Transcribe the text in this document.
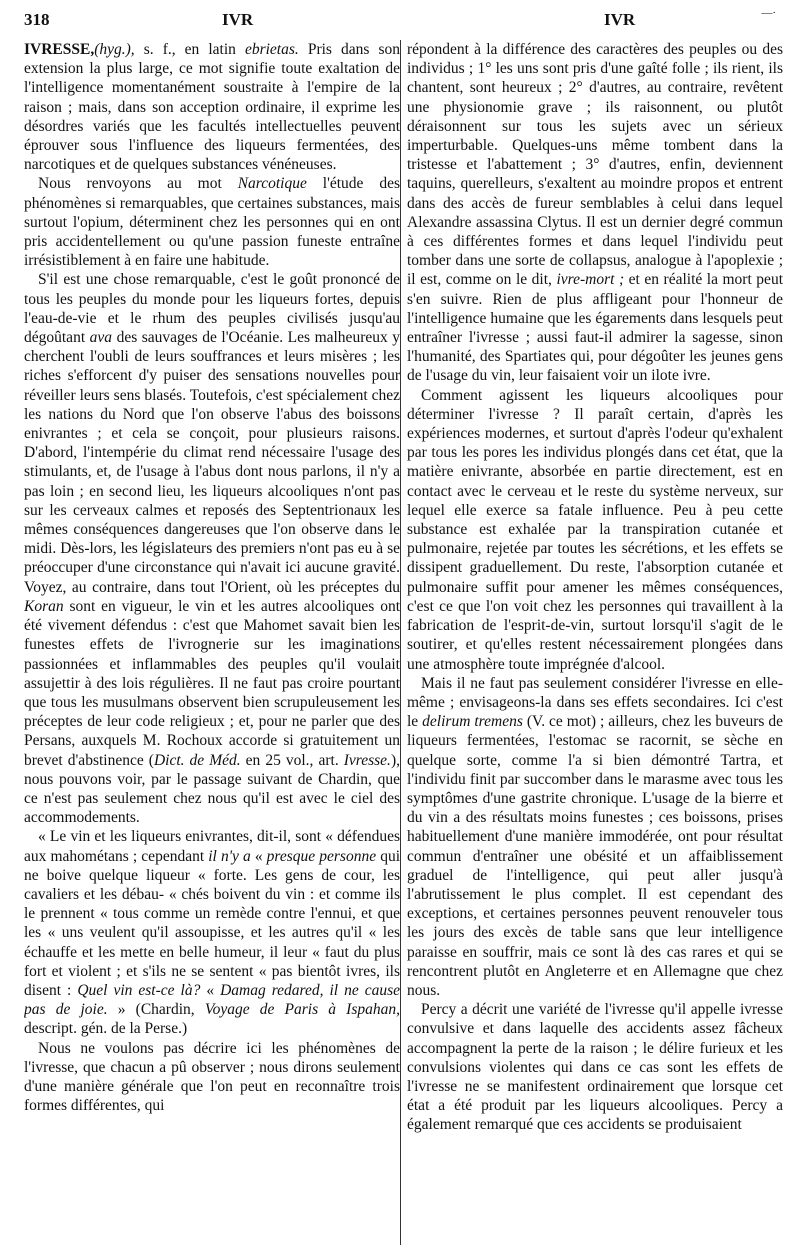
318	IVR	IVR	—·

IVRESSE,(hyg.), s. f., en latin ebrietas. Pris dans son extension la plus large, ce mot signifie toute exaltation de l'intelligence momentanément soustraite à l'empire de la raison ; mais, dans son acception ordinaire, il exprime les désordres variés que les facultés intellectuelles peuvent éprouver sous l'influence des liqueurs fermentées, des narcotiques et de quelques substances vénéneuses.

Nous renvoyons au mot Narcotique l'étude des phénomènes si remarquables, que certaines substances, mais surtout l'opium, déterminent chez les personnes qui en ont pris accidentellement ou qu'une passion funeste entraîne irrésistiblement à en faire une habitude.

S'il est une chose remarquable, c'est le goût prononcé de tous les peuples du monde pour les liqueurs fortes, depuis l'eau-de-vie et le rhum des peuples civilisés jusqu'au dégoûtant ava des sauvages de l'Océanie. Les malheureux y cherchent l'oubli de leurs souffrances et leurs misères ; les riches s'efforcent d'y puiser des sensations nouvelles pour réveiller leurs sens blasés. Toutefois, c'est spécialement chez les nations du Nord que l'on observe l'abus des boissons enivrantes ; et cela se conçoit, pour plusieurs raisons. D'abord, l'intempérie du climat rend nécessaire l'usage des stimulants, et, de l'usage à l'abus dont nous parlons, il n'y a pas loin ; en second lieu, les liqueurs alcooliques n'ont pas sur les cerveaux calmes et reposés des Septentrionaux les mêmes conséquences dangereuses que l'on observe dans le midi. Dès-lors, les législateurs des premiers n'ont pas eu à se préoccuper d'une circonstance qui n'avait ici aucune gravité. Voyez, au contraire, dans tout l'Orient, où les préceptes du Koran sont en vigueur, le vin et les autres alcooliques ont été vivement défendus : c'est que Mahomet savait bien les funestes effets de l'ivrognerie sur les imaginations passionnées et inflammables des peuples qu'il voulait assujettir à des lois régulières. Il ne faut pas croire pourtant que tous les musulmans observent bien scrupuleusement les préceptes de leur code religieux ; et, pour ne parler que des Persans, auxquels M. Rochoux accorde si gratuitement un brevet d'abstinence (Dict. de Méd. en 25 vol., art. Ivresse.), nous pouvons voir, par le passage suivant de Chardin, que ce n'est pas seulement chez nous qu'il est avec le ciel des accommodements.

« Le vin et les liqueurs enivrantes, dit-il, sont « défendues aux mahométans ; cependant il n'y a « presque personne qui ne boive quelque liqueur « forte. Les gens de cour, les cavaliers et les débau- « chés boivent du vin : et comme ils le prennent « tous comme un remède contre l'ennui, et que les « uns veulent qu'il assoupisse, et les autres qu'il « les échauffe et les mette en belle humeur, il leur « faut du plus fort et violent ; et s'ils ne se sentent « pas bientôt ivres, ils disent : Quel vin est-ce là? « Damag redared, il ne cause pas de joie. » (Chardin, Voyage de Paris à Ispahan, descript. gén. de la Perse.)

Nous ne voulons pas décrire ici les phénomènes de l'ivresse, que chacun a pû observer ; nous dirons seulement d'une manière générale que l'on peut en reconnaître trois formes différentes, qui

répondent à la différence des caractères des peuples ou des individus ; 1° les uns sont pris d'une gaîté folle ; ils rient, ils chantent, sont heureux ; 2° d'autres, au contraire, revêtent une physionomie grave ; ils raisonnent, ou plutôt déraisonnent sur tous les sujets avec un sérieux imperturbable. Quelques-uns même tombent dans la tristesse et l'abattement ; 3° d'autres, enfin, deviennent taquins, querelleurs, s'exaltent au moindre propos et entrent dans des accès de fureur semblables à celui dans lequel Alexandre assassina Clytus. Il est un dernier degré commun à ces différentes formes et dans lequel l'individu peut tomber dans une sorte de collapsus, analogue à l'apoplexie ; il est, comme on le dit, ivre-mort ; et en réalité la mort peut s'en suivre. Rien de plus affligeant pour l'honneur de l'intelligence humaine que les égarements dans lesquels peut entraîner l'ivresse ; aussi faut-il admirer la sagesse, sinon l'humanité, des Spartiates qui, pour dégoûter les jeunes gens de l'usage du vin, leur faisaient voir un ilote ivre.

Comment agissent les liqueurs alcooliques pour déterminer l'ivresse ? Il paraît certain, d'après les expériences modernes, et surtout d'après l'odeur qu'exhalent par tous les pores les individus plongés dans cet état, que la matière enivrante, absorbée en partie directement, est en contact avec le cerveau et le reste du système nerveux, sur lequel elle exerce sa fatale influence. Peu à peu cette substance est exhalée par la transpiration cutanée et pulmonaire, rejetée par toutes les sécrétions, et les effets se dissipent graduellement. Du reste, l'absorption cutanée et pulmonaire suffit pour amener les mêmes conséquences, c'est ce que l'on voit chez les personnes qui travaillent à la fabrication de l'esprit-de-vin, surtout lorsqu'il s'agit de le soutirer, et qu'elles restent nécessairement plongées dans une atmosphère toute imprégnée d'alcool.

Mais il ne faut pas seulement considérer l'ivresse en elle-même ; envisageons-la dans ses effets secondaires. Ici c'est le delirum tremens (V. ce mot) ; ailleurs, chez les buveurs de liqueurs fermentées, l'estomac se racornit, se sèche en quelque sorte, comme l'a si bien démontré Tartra, et l'individu finit par succomber dans le marasme avec tous les symptômes d'une gastrite chronique. L'usage de la bierre et du vin a des résultats moins funestes ; ces boissons, prises habituellement d'une manière immodérée, ont pour résultat commun d'entraîner une obésité et un affaiblissement graduel de l'intelligence, qui peut aller jusqu'à l'abrutissement le plus complet. Il est cependant des exceptions, et certaines personnes peuvent renouveler tous les jours des excès de table sans que leur intelligence paraisse en souffrir, mais ce sont là des cas rares et qui se rencontrent plutôt en Angleterre et en Allemagne que chez nous.

Percy a décrit une variété de l'ivresse qu'il appelle ivresse convulsive et dans laquelle des accidents assez fâcheux accompagnent la perte de la raison ; le délire furieux et les convulsions violentes qui dans ce cas sont les effets de l'ivresse ne se manifestent ordinairement que lorsque cet état a été produit par les liqueurs alcooliques. Percy a également remarqué que ces accidents se produisaient
